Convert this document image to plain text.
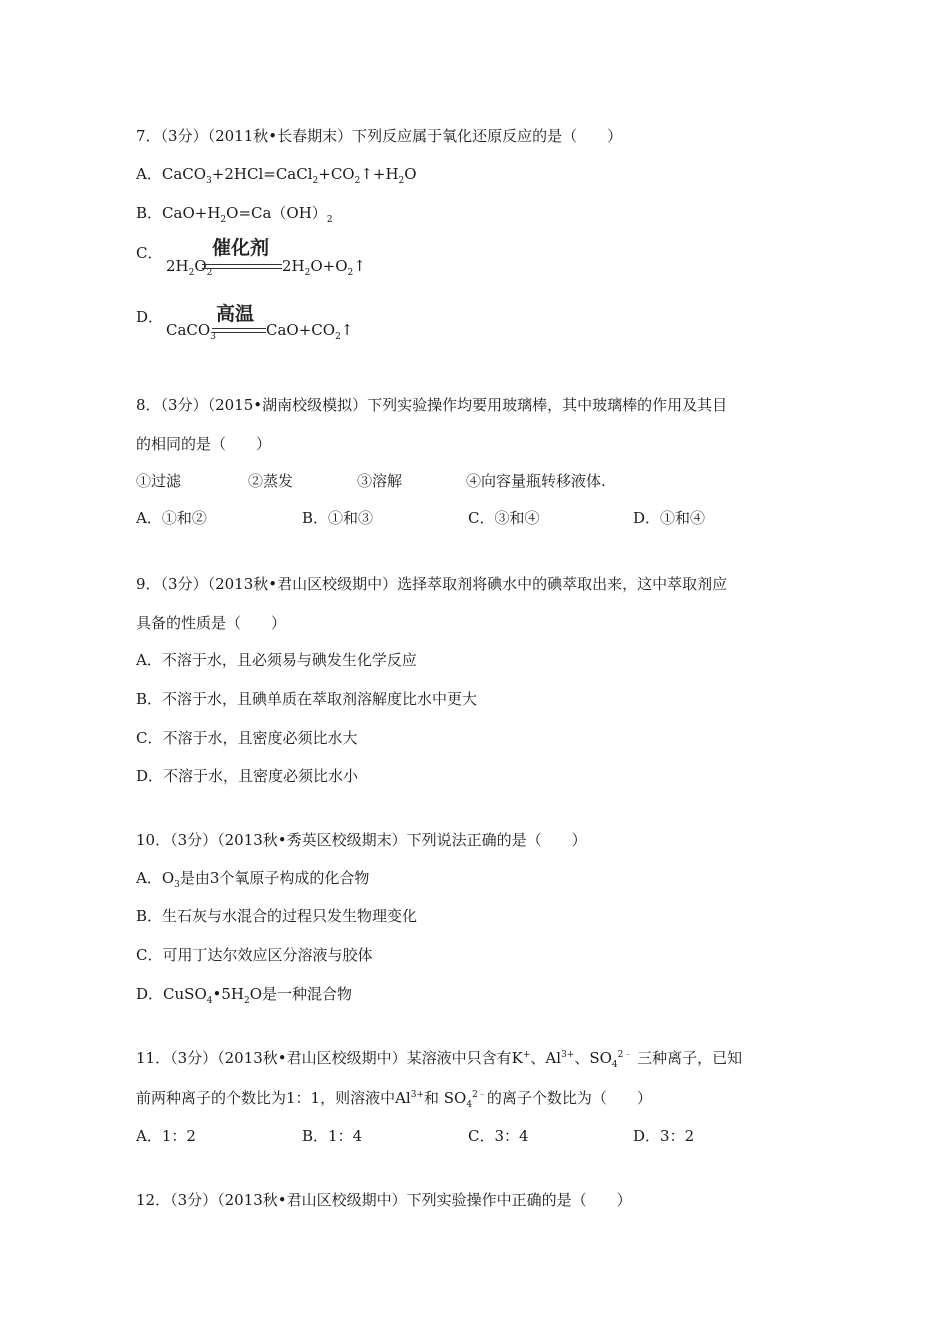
7．（3分）（2011秋•长春期末）下列反应属于氧化还原反应的是（　　）
A．$CaCO_3+2HCl=CaCl_2+CO_2↑+H_2O$
B．$CaO+H_2O=Ca(OH)_2$
C．	催化剂
$2H_2O_2$	$2H_2O+O_2↑$
D．	高温
CaCO$_3$	$CaO+CO_2↑$
8．（3分）（2015•湖南校级模拟）下列实验操作均要用玻璃棒，其中玻璃棒的作用及其目
的相同的是（　　）
①过滤	②蒸发	③溶解	④向容量瓶转移液体.
A．①和②	B．①和③	C．③和④	D．①和④
9．（3分）（2013秋•君山区校级期中）选择萃取剂将碘水中的碘萃取出来，这中萃取剂应
具备的性质是（　　）
A．不溶于水，且必须易与碘发生化学反应
B．不溶于水，且碘单质在萃取剂溶解度比水中更大
C．不溶于水，且密度必须比水大
D．不溶于水，且密度必须比水小
10．（3分）（2013秋•秀英区校级期末）下列说法正确的是（　　）
A．$O_3$是由3个氧原子构成的化合物
B．生石灰与水混合的过程只发生物理变化
C．可用丁达尔效应区分溶液与胶体
D．$CuSO_4•5H_2O$是一种混合物
11．（3分）（2013秋•君山区校级期中）某溶液中只含有K+、$Al^{3+}$、$SO_4^{2﹣}$ 三种离子，已知
前两种离子的个数比为1：1，则溶液中$Al^{3+}$和 $SO_4^{2﹣}$的离子个数比为（　　）
A．1：2	B．1：4	C．3：4	D．3：2
12．（3分）（2013秋•君山区校级期中）下列实验操作中正确的是（　　）
